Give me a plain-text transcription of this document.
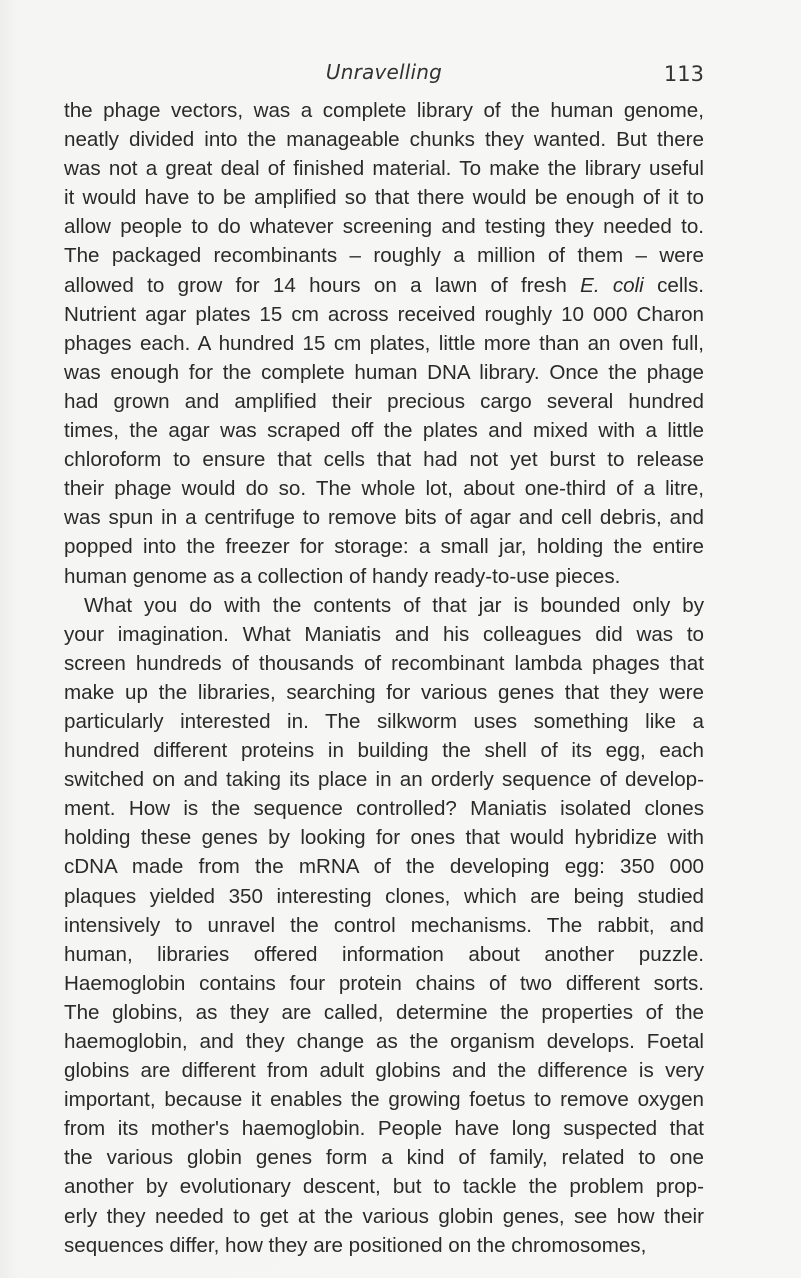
Unravelling	113
the phage vectors, was a complete library of the human genome,
neatly divided into the manageable chunks they wanted. But there
was not a great deal of finished material. To make the library useful
it would have to be amplified so that there would be enough of it to
allow people to do whatever screening and testing they needed to.
The packaged recombinants – roughly a million of them – were
allowed to grow for 14 hours on a lawn of fresh E. coli cells.
Nutrient agar plates 15 cm across received roughly 10 000 Charon
phages each. A hundred 15 cm plates, little more than an oven full,
was enough for the complete human DNA library. Once the phage
had grown and amplified their precious cargo several hundred
times, the agar was scraped off the plates and mixed with a little
chloroform to ensure that cells that had not yet burst to release
their phage would do so. The whole lot, about one-third of a litre,
was spun in a centrifuge to remove bits of agar and cell debris, and
popped into the freezer for storage: a small jar, holding the entire
human genome as a collection of handy ready-to-use pieces.
What you do with the contents of that jar is bounded only by
your imagination. What Maniatis and his colleagues did was to
screen hundreds of thousands of recombinant lambda phages that
make up the libraries, searching for various genes that they were
particularly interested in. The silkworm uses something like a
hundred different proteins in building the shell of its egg, each
switched on and taking its place in an orderly sequence of develop-
ment. How is the sequence controlled? Maniatis isolated clones
holding these genes by looking for ones that would hybridize with
cDNA made from the mRNA of the developing egg: 350 000
plaques yielded 350 interesting clones, which are being studied
intensively to unravel the control mechanisms. The rabbit, and
human, libraries offered information about another puzzle.
Haemoglobin contains four protein chains of two different sorts.
The globins, as they are called, determine the properties of the
haemoglobin, and they change as the organism develops. Foetal
globins are different from adult globins and the difference is very
important, because it enables the growing foetus to remove oxygen
from its mother's haemoglobin. People have long suspected that
the various globin genes form a kind of family, related to one
another by evolutionary descent, but to tackle the problem prop-
erly they needed to get at the various globin genes, see how their
sequences differ, how they are positioned on the chromosomes,
